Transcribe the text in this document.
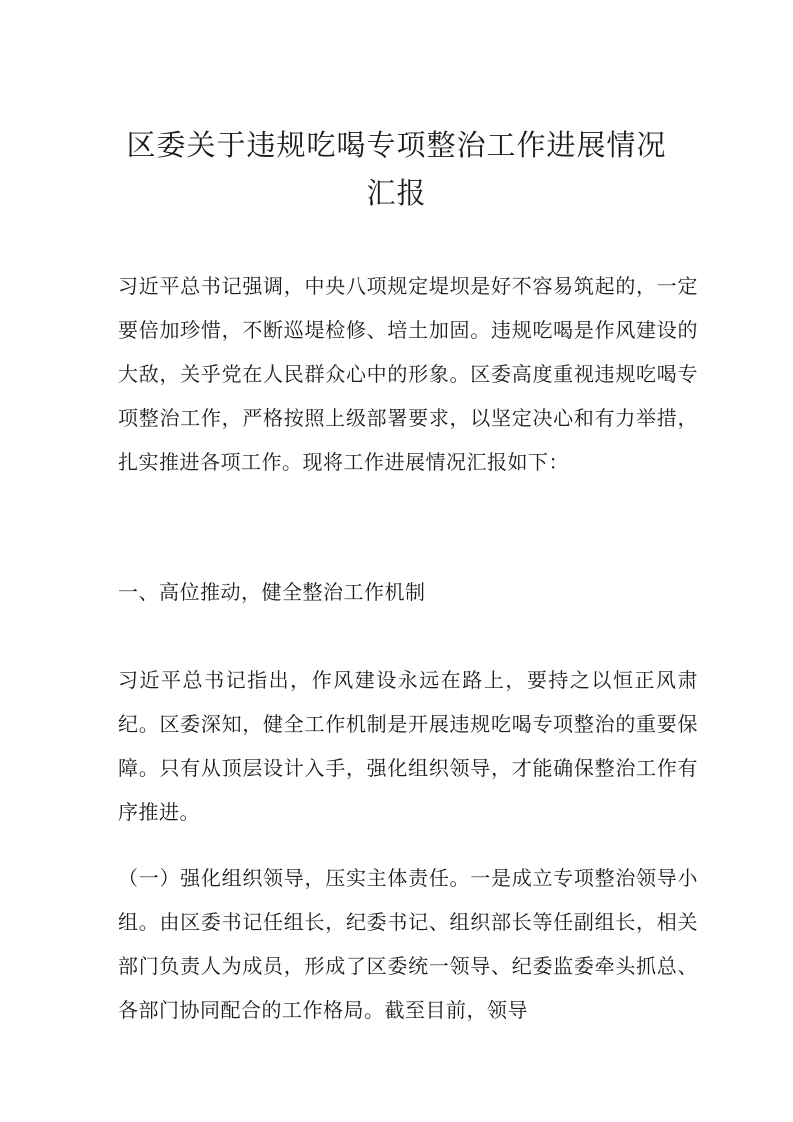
区委关于违规吃喝专项整治工作进展情况
汇报
习近平总书记强调，中央八项规定堤坝是好不容易筑起的，一定要倍加珍惜，不断巡堤检修、培土加固。违规吃喝是作风建设的大敌，关乎党在人民群众心中的形象。区委高度重视违规吃喝专项整治工作，严格按照上级部署要求，以坚定决心和有力举措，扎实推进各项工作。现将工作进展情况汇报如下：
一、高位推动，健全整治工作机制
习近平总书记指出，作风建设永远在路上，要持之以恒正风肃纪。区委深知，健全工作机制是开展违规吃喝专项整治的重要保障。只有从顶层设计入手，强化组织领导，才能确保整治工作有序推进。
（一）强化组织领导，压实主体责任。一是成立专项整治领导小组。由区委书记任组长，纪委书记、组织部长等任副组长，相关部门负责人为成员，形成了区委统一领导、纪委监委牵头抓总、各部门协同配合的工作格局。截至目前，领导
